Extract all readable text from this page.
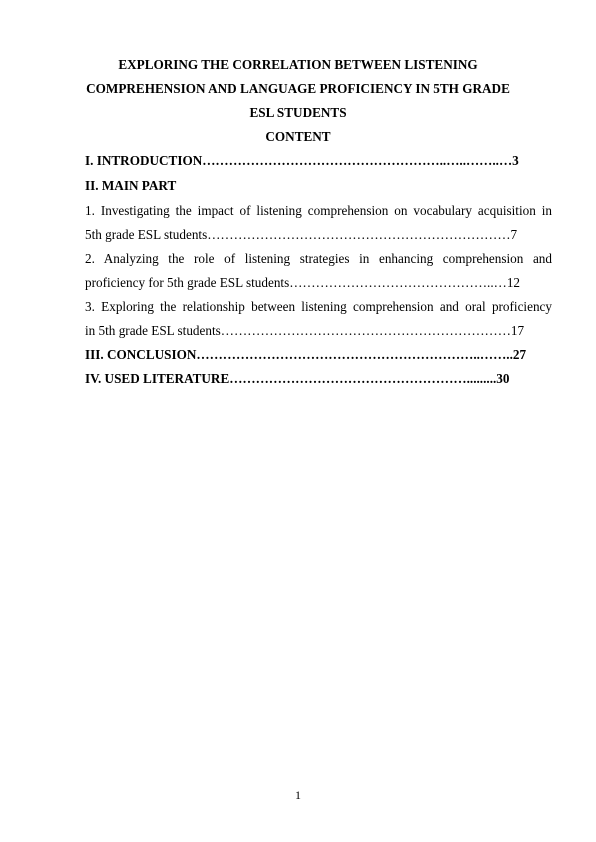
EXPLORING THE CORRELATION BETWEEN LISTENING
COMPREHENSION AND LANGUAGE PROFICIENCY IN 5TH GRADE
ESL STUDENTS
CONTENT
I. INTRODUCTION………………………………………………..…..……..…3
II. MAIN PART
1. Investigating the impact of listening comprehension on vocabulary acquisition in
5th grade ESL students……………………………………………………………7
2. Analyzing the role of listening strategies in enhancing comprehension and
proficiency for 5th grade ESL students………………………………………..…12
3. Exploring the relationship between listening comprehension and oral proficiency
in 5th grade ESL students…………………………………………………………17
III. CONCLUSION………………………………………………………..……..27
IV. USED LITERATURE……………………………………………….........30
1
